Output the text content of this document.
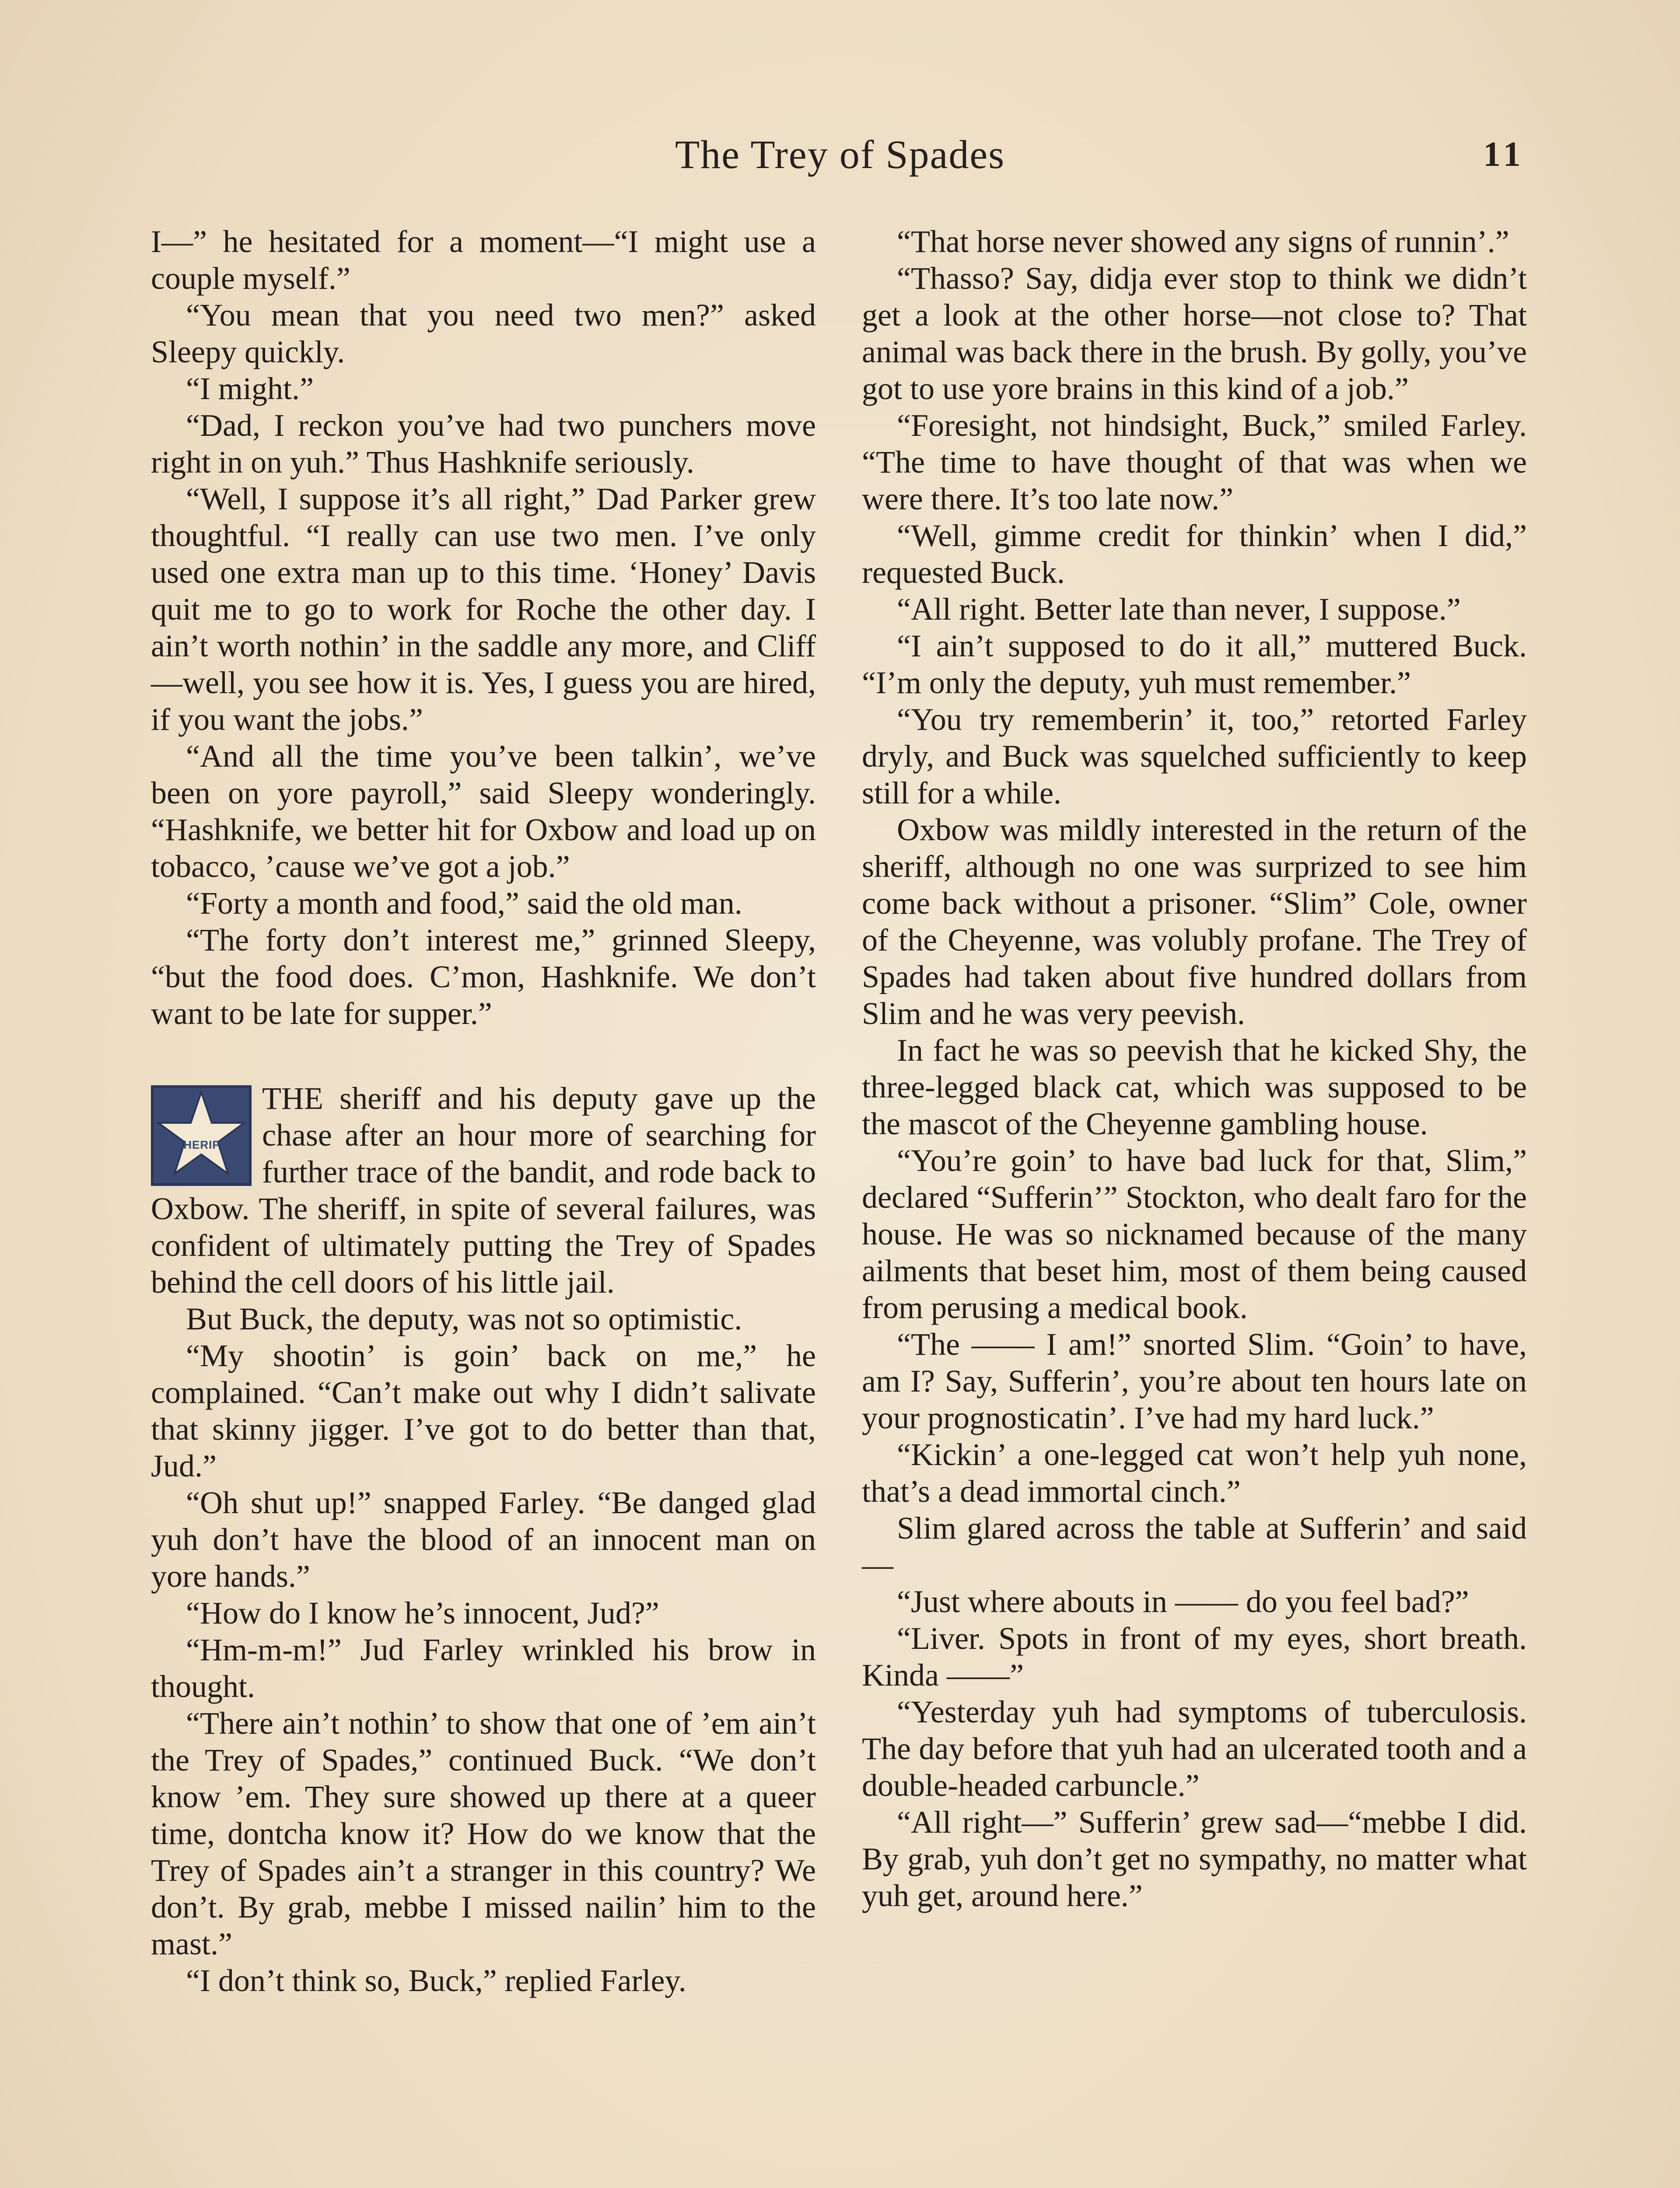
The Trey of Spades	11

I—” he hesitated for a moment—“I might use a couple myself.”

“You mean that you need two men?” asked Sleepy quickly.

“I might.”

“Dad, I reckon you’ve had two punchers move right in on yuh.” Thus Hashknife seriously.

“Well, I suppose it’s all right,” Dad Parker grew thoughtful. “I really can use two men. I’ve only used one extra man up to this time. ‘Honey’ Davis quit me to go to work for Roche the other day. I ain’t worth nothin’ in the saddle any more, and Cliff—well, you see how it is. Yes, I guess you are hired, if you want the jobs.”

“And all the time you’ve been talkin’, we’ve been on yore payroll,” said Sleepy wonderingly. “Hashknife, we better hit for Oxbow and load up on tobacco, ’cause we’ve got a job.”

“Forty a month and food,” said the old man.

“The forty don’t interest me,” grinned Sleepy, “but the food does. C’mon, Hashknife. We don’t want to be late for supper.”

SHERIFF

THE sheriff and his deputy gave up the chase after an hour more of searching for further trace of the bandit, and rode back to Oxbow. The sheriff, in spite of several failures, was confident of ultimately putting the Trey of Spades behind the cell doors of his little jail.

But Buck, the deputy, was not so optimistic.

“My shootin’ is goin’ back on me,” he complained. “Can’t make out why I didn’t salivate that skinny jigger. I’ve got to do better than that, Jud.”

“Oh shut up!” snapped Farley. “Be danged glad yuh don’t have the blood of an innocent man on yore hands.”

“How do I know he’s innocent, Jud?”

“Hm-m-m!” Jud Farley wrinkled his brow in thought.

“There ain’t nothin’ to show that one of ’em ain’t the Trey of Spades,” continued Buck. “We don’t know ’em. They sure showed up there at a queer time, dontcha know it? How do we know that the Trey of Spades ain’t a stranger in this country? We don’t. By grab, mebbe I missed nailin’ him to the mast.”

“I don’t think so, Buck,” replied Farley.

“That horse never showed any signs of runnin’.”

“Thasso? Say, didja ever stop to think we didn’t get a look at the other horse—not close to? That animal was back there in the brush. By golly, you’ve got to use yore brains in this kind of a job.”

“Foresight, not hindsight, Buck,” smiled Farley. “The time to have thought of that was when we were there. It’s too late now.”

“Well, gimme credit for thinkin’ when I did,” requested Buck.

“All right. Better late than never, I suppose.”

“I ain’t supposed to do it all,” muttered Buck. “I’m only the deputy, yuh must remember.”

“You try rememberin’ it, too,” retorted Farley dryly, and Buck was squelched sufficiently to keep still for a while.

Oxbow was mildly interested in the return of the sheriff, although no one was surprized to see him come back without a prisoner. “Slim” Cole, owner of the Cheyenne, was volubly profane. The Trey of Spades had taken about five hundred dollars from Slim and he was very peevish.

In fact he was so peevish that he kicked Shy, the three-legged black cat, which was supposed to be the mascot of the Cheyenne gambling house.

“You’re goin’ to have bad luck for that, Slim,” declared “Sufferin’” Stockton, who dealt faro for the house. He was so nicknamed because of the many ailments that beset him, most of them being caused from perusing a medical book.

“The —— I am!” snorted Slim. “Goin’ to have, am I? Say, Sufferin’, you’re about ten hours late on your prognosticatin’. I’ve had my hard luck.”

“Kickin’ a one-legged cat won’t help yuh none, that’s a dead immortal cinch.”

Slim glared across the table at Sufferin’ and said—

“Just where abouts in —— do you feel bad?”

“Liver. Spots in front of my eyes, short breath. Kinda ——”

“Yesterday yuh had symptoms of tuberculosis. The day before that yuh had an ulcerated tooth and a double-headed carbuncle.”

“All right—” Sufferin’ grew sad—“mebbe I did. By grab, yuh don’t get no sympathy, no matter what yuh get, around here.”
